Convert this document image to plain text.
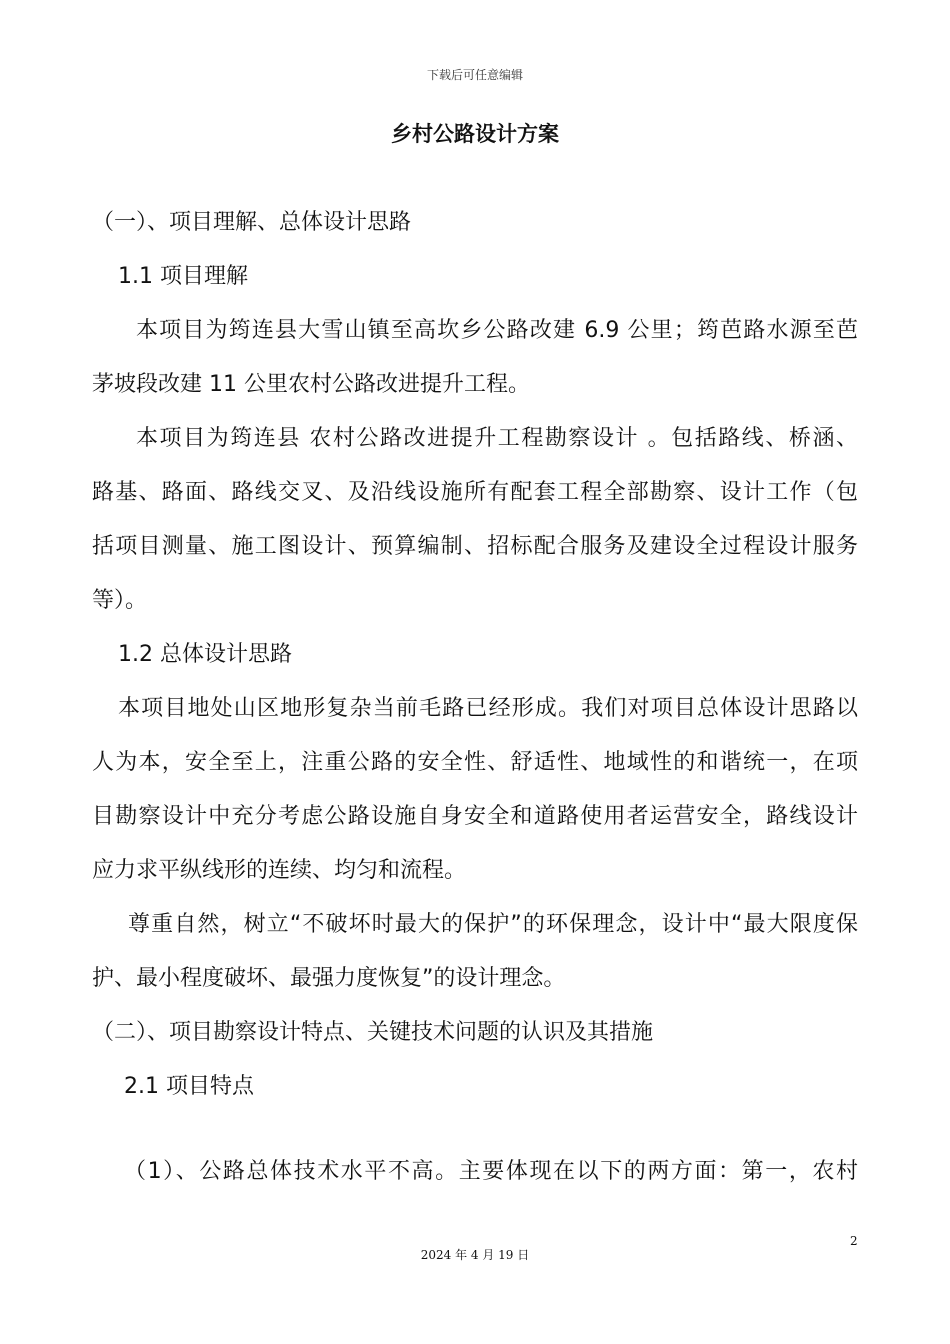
下载后可任意编辑
乡村公路设计方案
（一）、项目理解、总体设计思路
1.1 项目理解
本项目为筠连县大雪山镇至高坎乡公路改建 6.9 公里；筠芭路水源至芭
茅坡段改建 11 公里农村公路改进提升工程。
本项目为筠连县 农村公路改进提升工程勘察设计 。包括路线、桥涵、
路基、路面、路线交叉、及沿线设施所有配套工程全部勘察、设计工作（包
括项目测量、施工图设计、预算编制、招标配合服务及建设全过程设计服务
等）。
1.2 总体设计思路
本项目地处山区地形复杂当前毛路已经形成。我们对项目总体设计思路以
人为本，安全至上，注重公路的安全性、舒适性、地域性的和谐统一，在项
目勘察设计中充分考虑公路设施自身安全和道路使用者运营安全，路线设计
应力求平纵线形的连续、均匀和流程。
尊重自然，树立“不破坏时最大的保护”的环保理念，设计中“最大限度保
护、最小程度破坏、最强力度恢复”的设计理念。
（二）、项目勘察设计特点、关键技术问题的认识及其措施
2.1 项目特点
（1）、公路总体技术水平不高。主要体现在以下的两方面：第一，农村
2
2024 年 4 月 19 日
